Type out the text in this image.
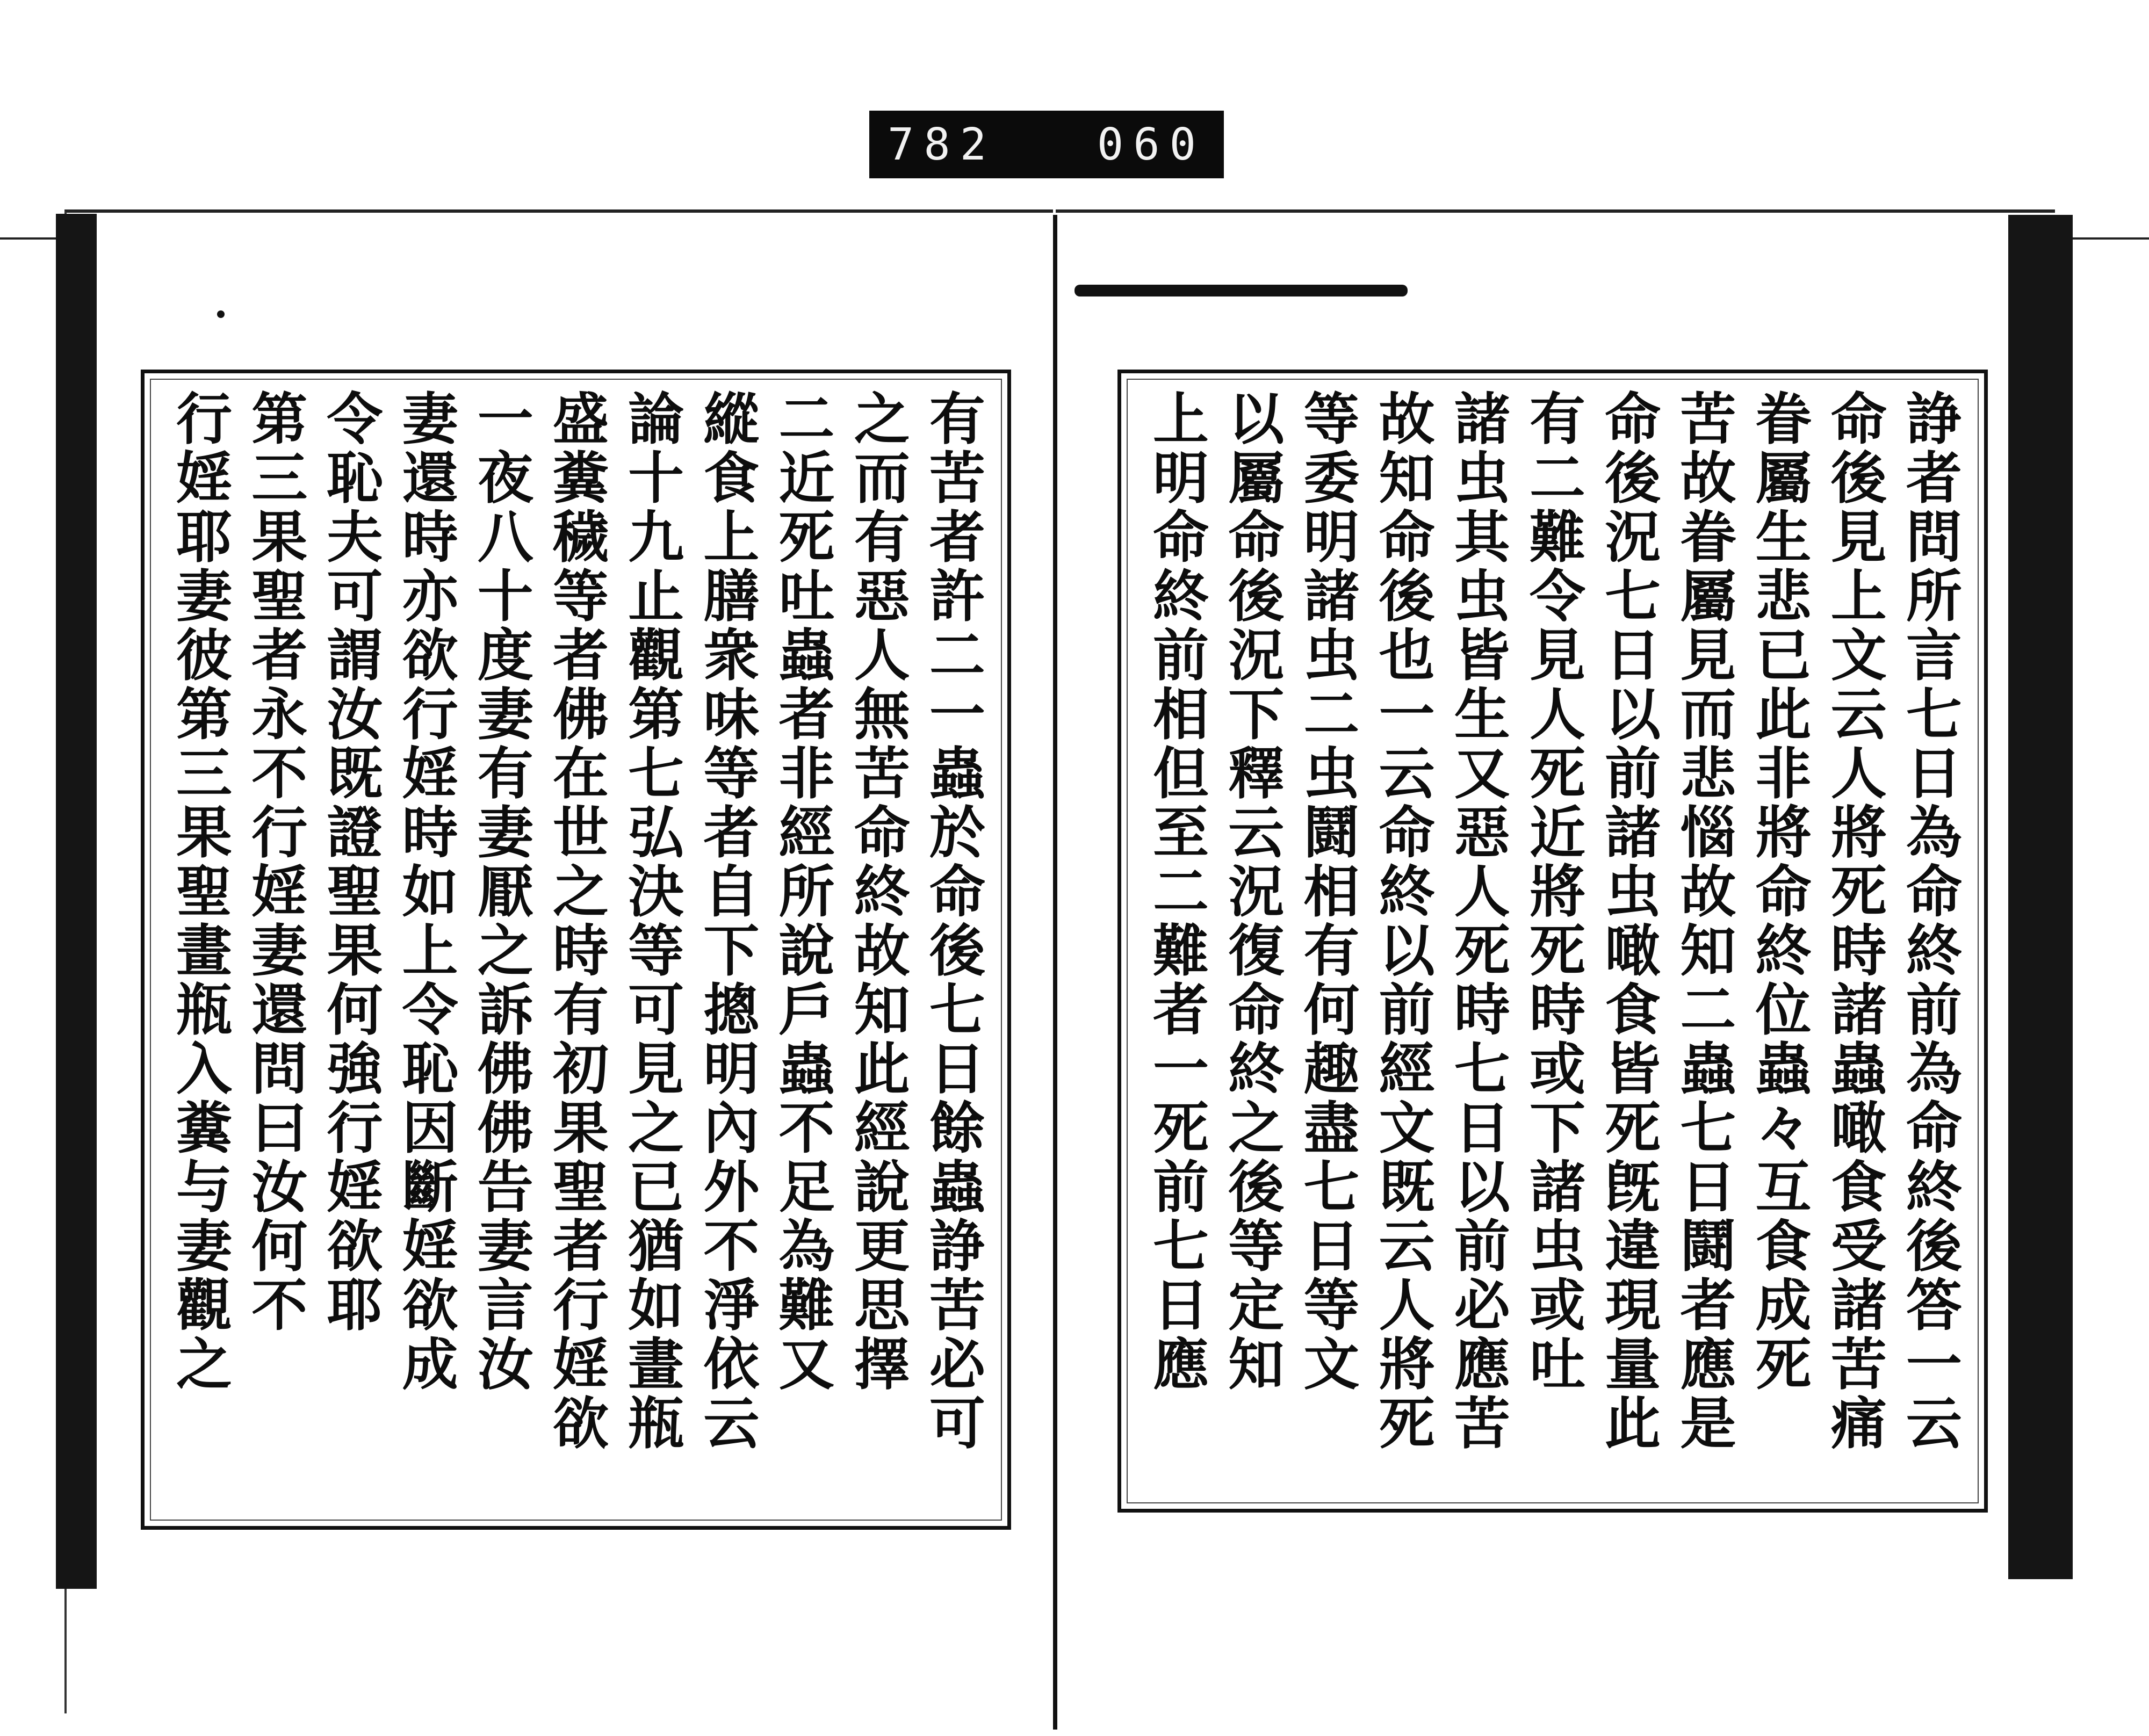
782 060
有苦者許二一蟲於命後七日餘蟲諍苦必可
之而有惡人無苦命終故知此經說更思擇
二近死吐蟲者非經所說戶蟲不足為難又
縱食上膳衆味等者自下摠明內外不淨依云
論十九止觀第七弘決等可見之已猶如畫瓶
盛糞穢等者佛在世之時有初果聖者行婬欲
一夜八十度妻有妻厭之訴佛佛告妻言汝
妻還時亦欲行婬時如上令恥因斷婬欲成
令恥夫可謂汝既證聖果何強行婬欲耶
第三果聖者永不行婬妻還問曰汝何不
行婬耶妻彼第三果聖畫瓶入糞与妻觀之	諍者問所言七日為命終前為命終後答一云
命後見上文云人將死時諸蟲噉食受諸苦痛
眷屬生悲已此非將命終位蟲々互食成死
苦故眷屬見而悲惱故知二蟲七日鬪者應是
命後況七日以前諸虫噉食皆死旣違現量此
有二難令見人死近將死時或下諸虫或吐
諸虫其虫皆生又惡人死時七日以前必應苦
故知命後也一云命終以前經文既云人將死
等委明諸虫二虫鬪相有何趣盡七日等文
以屬命後況下釋云況復命終之後等定知
上明命終前相但至二難者一死前七日應
